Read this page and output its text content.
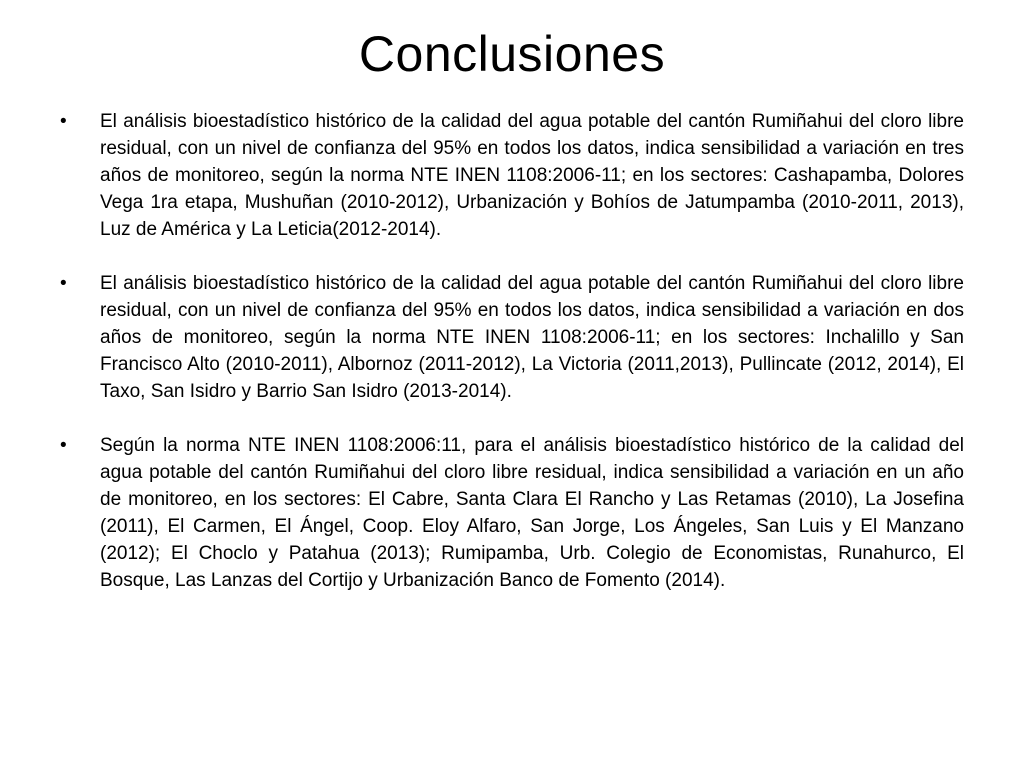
Conclusiones
• El análisis bioestadístico histórico de la calidad del agua potable del cantón Rumiñahui del cloro libre residual, con un nivel de confianza del 95% en todos los datos, indica sensibilidad a variación en tres años de monitoreo, según la norma NTE INEN 1108:2006-11; en los sectores: Cashapamba, Dolores Vega 1ra etapa, Mushuñan (2010-2012), Urbanización y Bohíos de Jatumpamba (2010-2011, 2013), Luz de América y La Leticia(2012-2014).
• El análisis bioestadístico histórico de la calidad del agua potable del cantón Rumiñahui del cloro libre residual, con un nivel de confianza del 95% en todos los datos, indica sensibilidad a variación en dos años de monitoreo, según la norma NTE INEN 1108:2006-11; en los sectores: Inchalillo y San Francisco Alto (2010-2011), Albornoz (2011-2012), La Victoria (2011,2013), Pullincate (2012, 2014), El Taxo, San Isidro y Barrio San Isidro (2013-2014).
• Según la norma NTE INEN 1108:2006:11, para el análisis bioestadístico histórico de la calidad del agua potable del cantón Rumiñahui del cloro libre residual, indica sensibilidad a variación en un año de monitoreo, en los sectores: El Cabre, Santa Clara El Rancho y Las Retamas (2010), La Josefina (2011), El Carmen, El Ángel, Coop. Eloy Alfaro, San Jorge, Los Ángeles, San Luis y El Manzano (2012); El Choclo y Patahua (2013); Rumipamba, Urb. Colegio de Economistas, Runahurco, El Bosque, Las Lanzas del Cortijo y Urbanización Banco de Fomento (2014).
